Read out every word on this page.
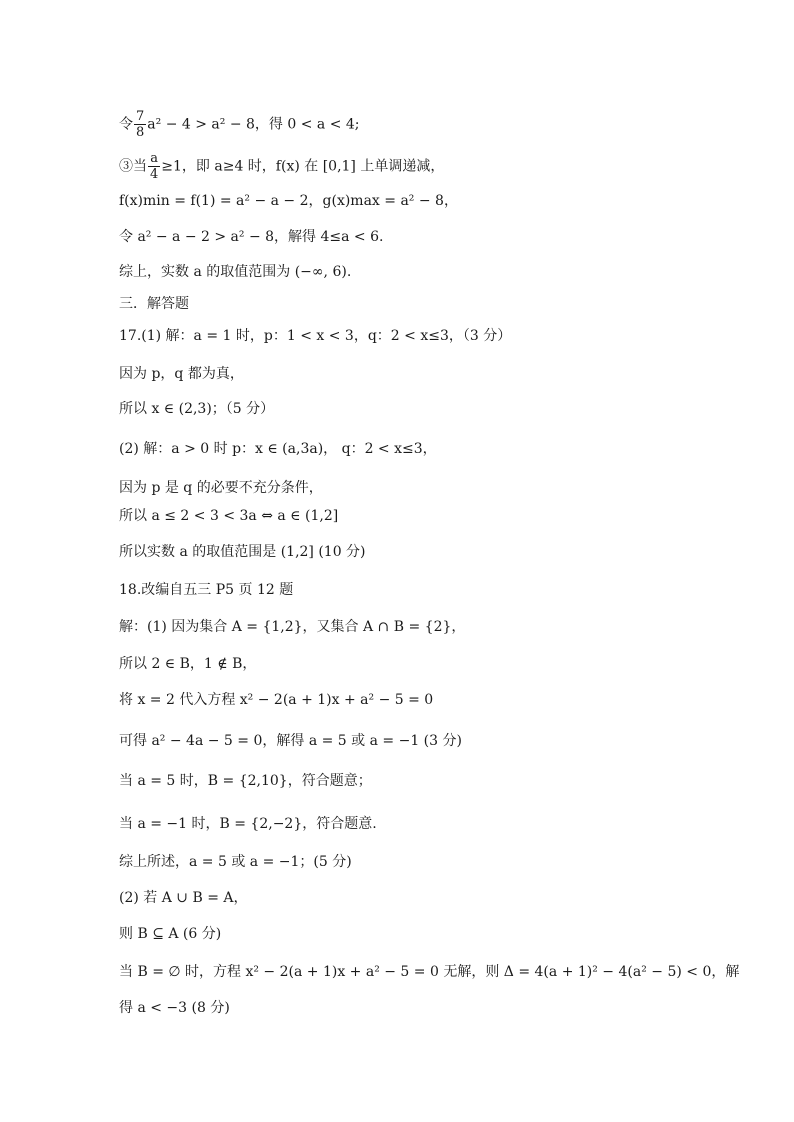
令 $\frac{7}{8} a^2 - 4 > a^2 - 8$，得 0 < a < 4;
③当 $\frac{a}{4} \ge 1$，即 a≥4 时，f(x) 在 [0,1] 上单调递减，
f(x)min = f(1) = a² − a − 2，g(x)max = a² − 8，
令 a² − a − 2 > a² − 8，解得 4≤a < 6.
综上，实数 a 的取值范围为 (−∞, 6).
三．解答题
17.(1) 解：a = 1 时，p：1 < x < 3，q：2 < x≤3，（3 分）
因为 p，q 都为真，
所以 x ∈ (2,3)；（5 分）
(2) 解：a > 0 时 p：x ∈ (a,3a)， q：2 < x≤3，
因为 p 是 q 的必要不充分条件，
所以 a ≤ 2 < 3 < 3a ⇔ a ∈ (1,2]
所以实数 a 的取值范围是 (1,2] (10 分)
18.改编自五三 P5 页 12 题
解：(1) 因为集合 A = {1,2}，又集合 A ∩ B = {2}，
所以 2 ∈ B，1 ∉ B，
将 x = 2 代入方程 x² − 2(a + 1)x + a² − 5 = 0
可得 a² − 4a − 5 = 0，解得 a = 5 或 a = −1 (3 分)
当 a = 5 时，B = {2,10}，符合题意；
当 a = −1 时，B = {2,−2}，符合题意.
综上所述，a = 5 或 a = −1；(5 分)
(2) 若 A ∪ B = A，
则 B ⊆ A (6 分)
当 B = ∅ 时，方程 x² − 2(a + 1)x + a² − 5 = 0 无解，则 Δ = 4(a + 1)² − 4(a² − 5) < 0，解
得 a < −3 (8 分)
